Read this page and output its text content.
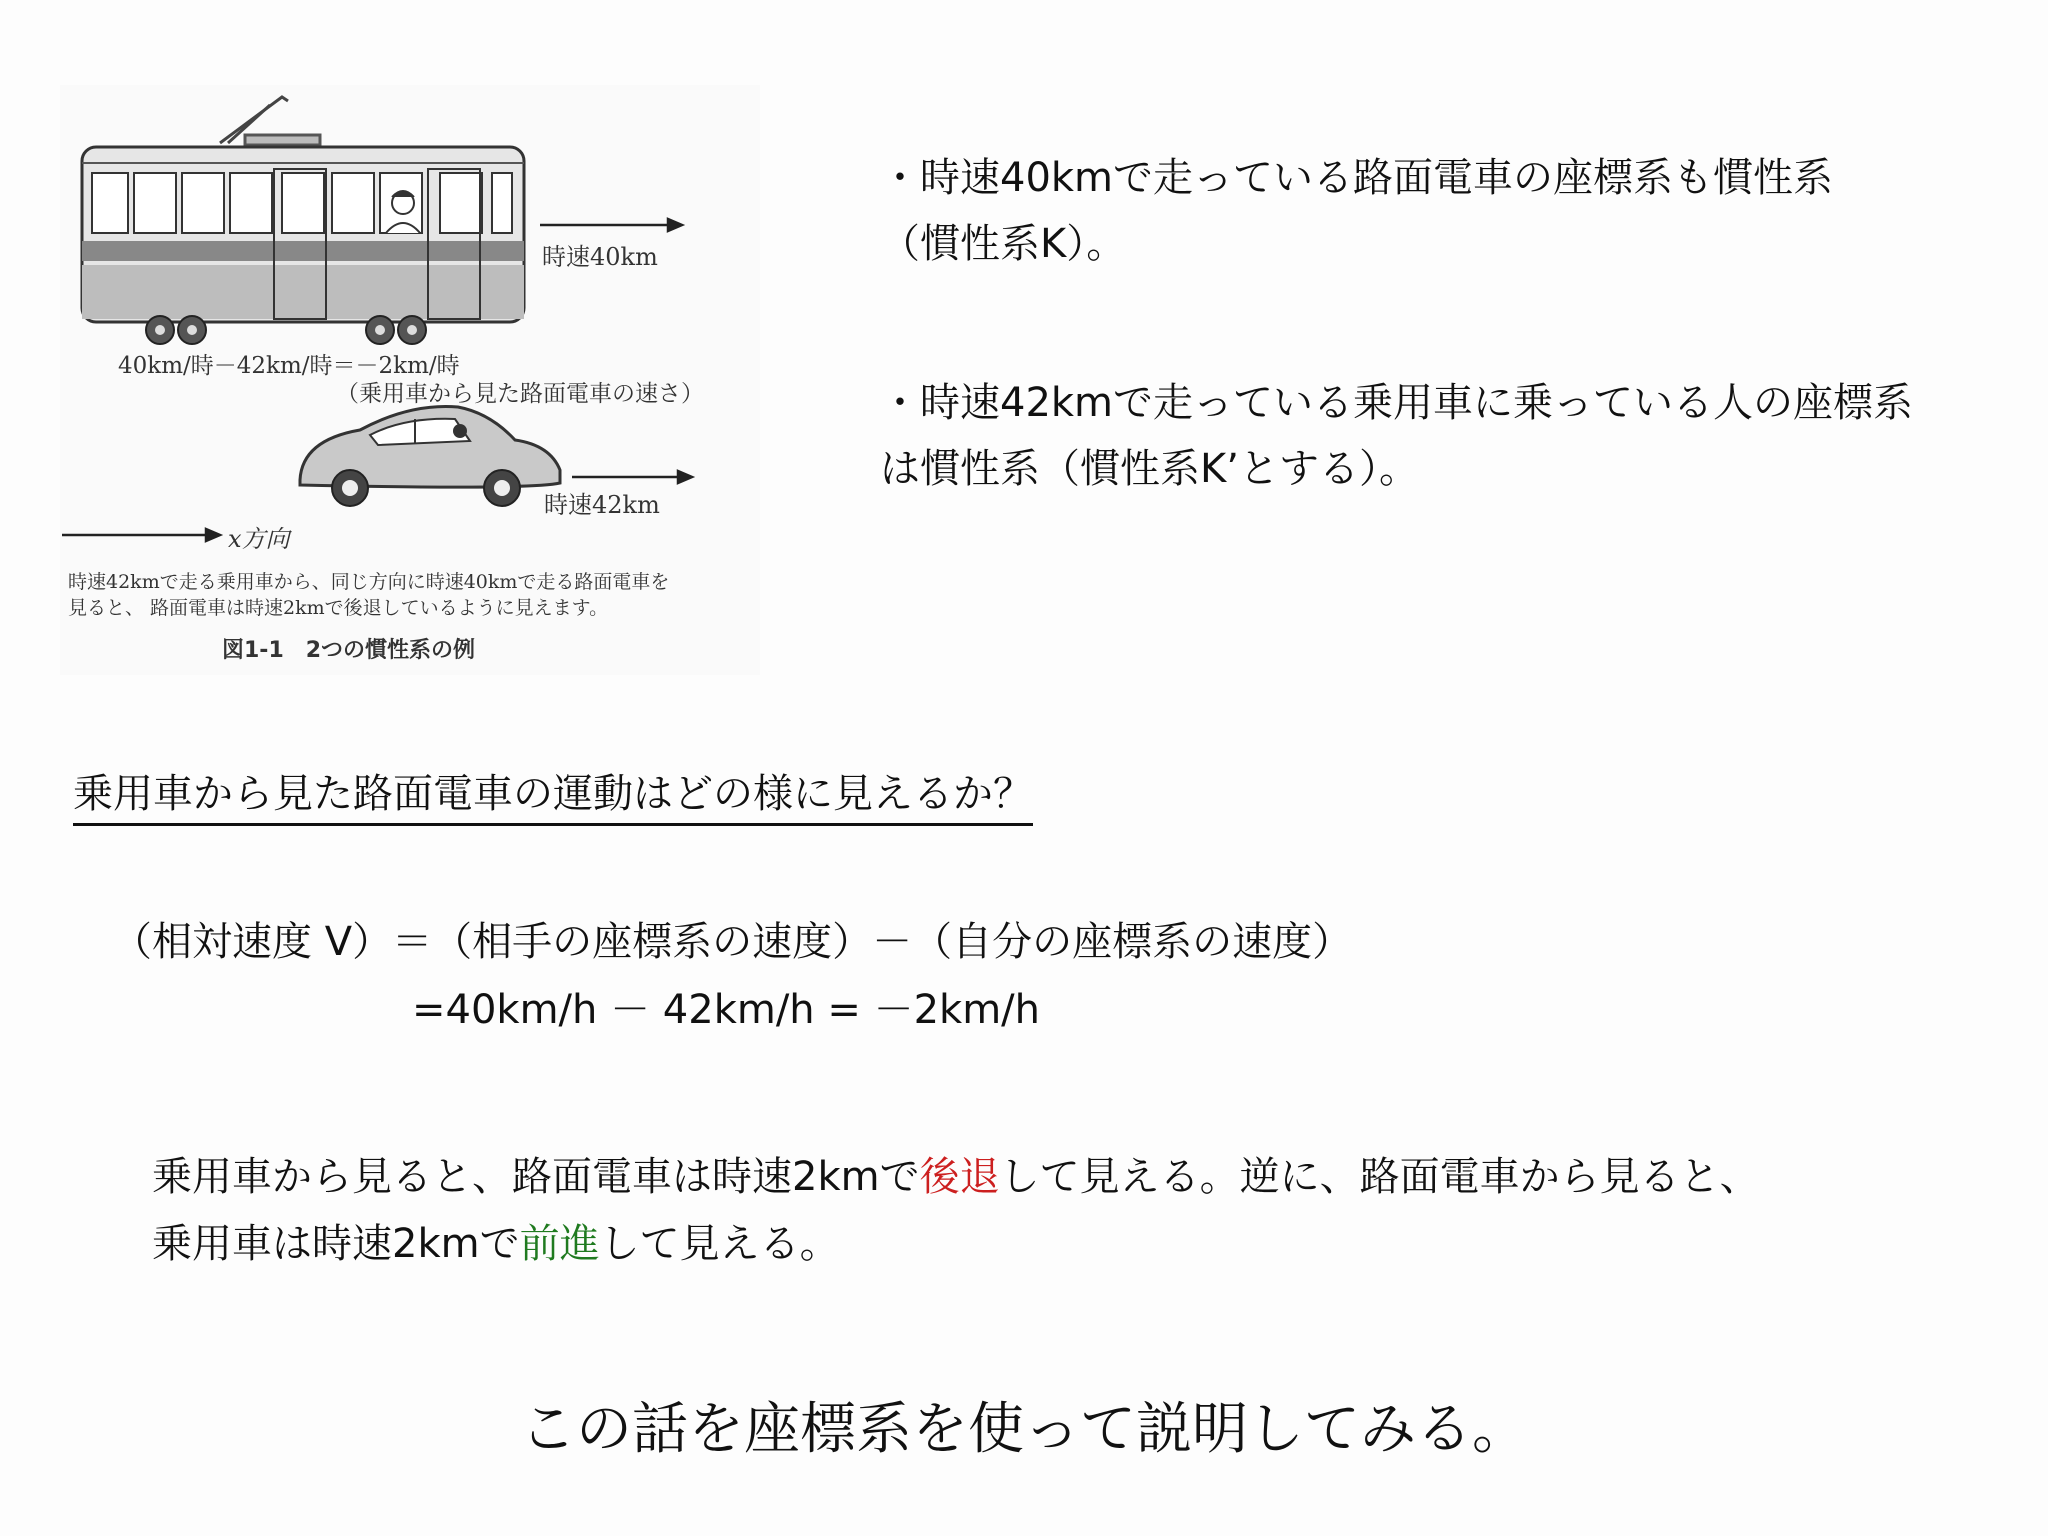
時速40km
40km/時－42km/時＝－2km/時
（乗用車から見た路面電車の速さ）
時速42km
x方向
時速42kmで走る乗用車から、同じ方向に時速40kmで走る路面電車を
見ると、 路面電車は時速2kmで後退しているように見えます。
図1-1　2つの慣性系の例
・時速40kmで走っている路面電車の座標系も慣性系
（慣性系K）。
・時速42kmで走っている乗用車に乗っている人の座標系
は慣性系（慣性系K’とする）。
乗用車から見た路面電車の運動はどの様に見えるか？
（相対速度 V）＝（相手の座標系の速度）－（自分の座標系の速度）
=40km/h － 42km/h = －2km/h
乗用車から見ると、路面電車は時速2kmで後退して見える。逆に、路面電車から見ると、
乗用車は時速2kmで前進して見える。
この話を座標系を使って説明してみる。
